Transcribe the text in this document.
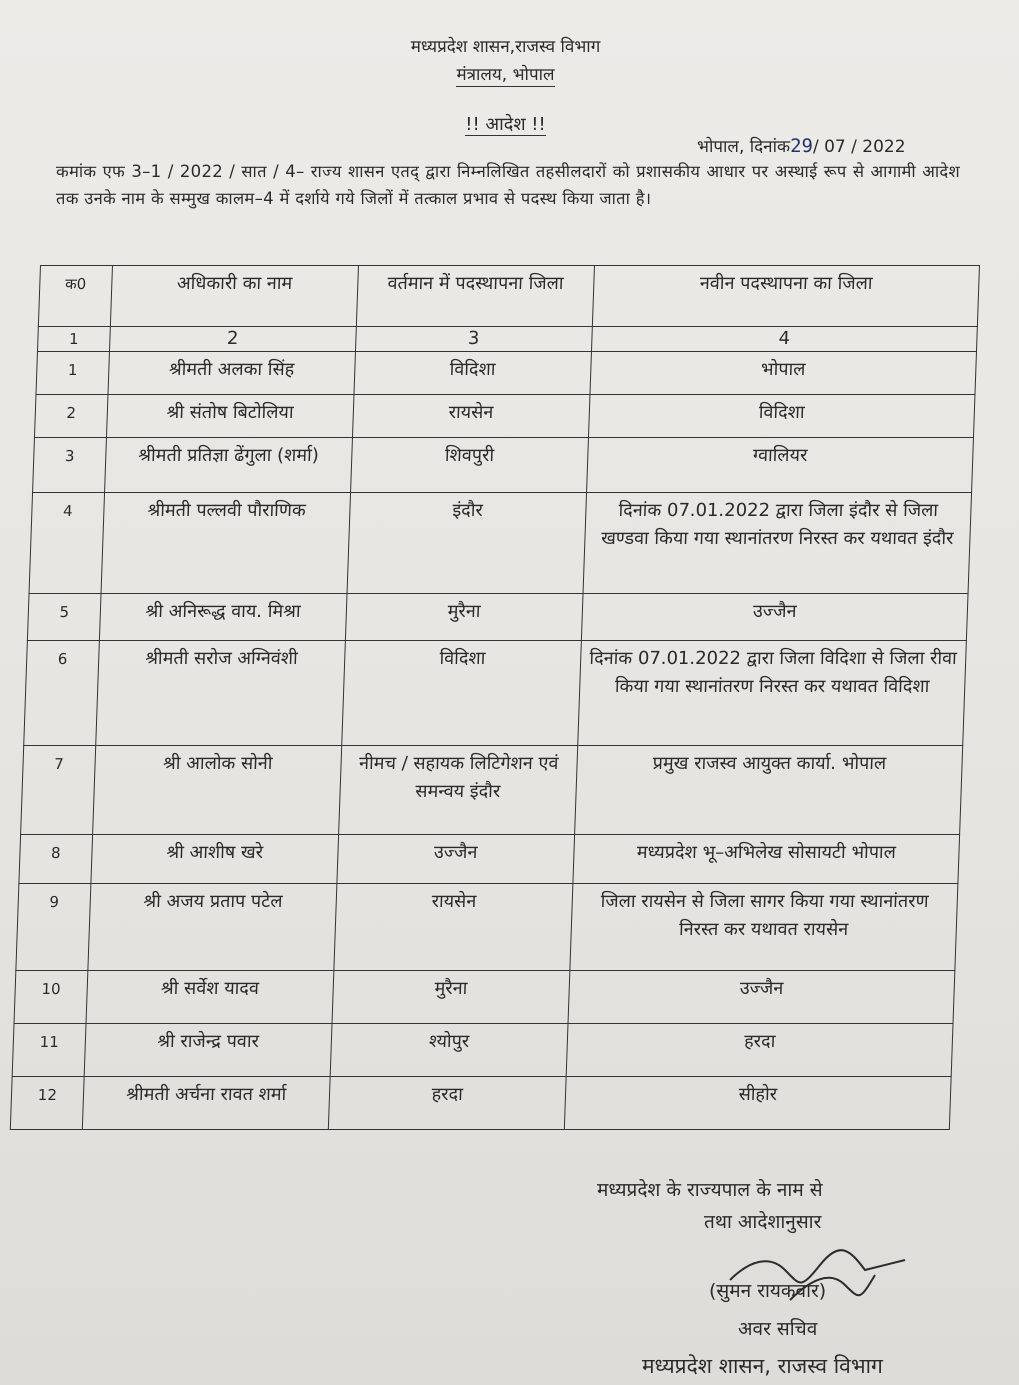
मध्यप्रदेश शासन,राजस्व विभाग
मंत्रालय, भोपाल
!! आदेश !!
भोपाल, दिनांक29/ 07 / 2022
कमांक एफ 3–1 / 2022 / सात / 4– राज्य शासन एतद् द्वारा निम्नलिखित तहसीलदारों को प्रशासकीय आधार पर अस्थाई रूप से आगामी आदेश तक उनके नाम के सम्मुख कालम–4 में दर्शाये गये जिलों में तत्काल प्रभाव से पदस्थ किया जाता है।
क0	अधिकारी का नाम	वर्तमान में पदस्थापना जिला	नवीन पदस्थापना का जिला
1	2	3	4
1	श्रीमती अलका सिंह	विदिशा	भोपाल
2	श्री संतोष बिटोलिया	रायसेन	विदिशा
3	श्रीमती प्रतिज्ञा ढेंगुला (शर्मा)	शिवपुरी	ग्वालियर
4	श्रीमती पल्लवी पौराणिक	इंदौर	दिनांक 07.01.2022 द्वारा जिला इंदौर से जिला खण्डवा किया गया स्थानांतरण निरस्त कर यथावत इंदौर
5	श्री अनिरूद्ध वाय. मिश्रा	मुरैना	उज्जैन
6	श्रीमती सरोज अग्निवंशी	विदिशा	दिनांक 07.01.2022 द्वारा जिला विदिशा से जिला रीवा किया गया स्थानांतरण निरस्त कर यथावत विदिशा
7	श्री आलोक सोनी	नीमच / सहायक लिटिगेशन एवं समन्वय इंदौर	प्रमुख राजस्व आयुक्त कार्या. भोपाल
8	श्री आशीष खरे	उज्जैन	मध्यप्रदेश भू–अभिलेख सोसायटी भोपाल
9	श्री अजय प्रताप पटेल	रायसेन	जिला रायसेन से जिला सागर किया गया स्थानांतरण निरस्त कर यथावत रायसेन
10	श्री सर्वेश यादव	मुरैना	उज्जैन
11	श्री राजेन्द्र पवार	श्योपुर	हरदा
12	श्रीमती अर्चना रावत शर्मा	हरदा	सीहोर
मध्यप्रदेश के राज्यपाल के नाम से
तथा आदेशानुसार
(सुमन रायकवार)
अवर सचिव
मध्यप्रदेश शासन, राजस्व विभाग
